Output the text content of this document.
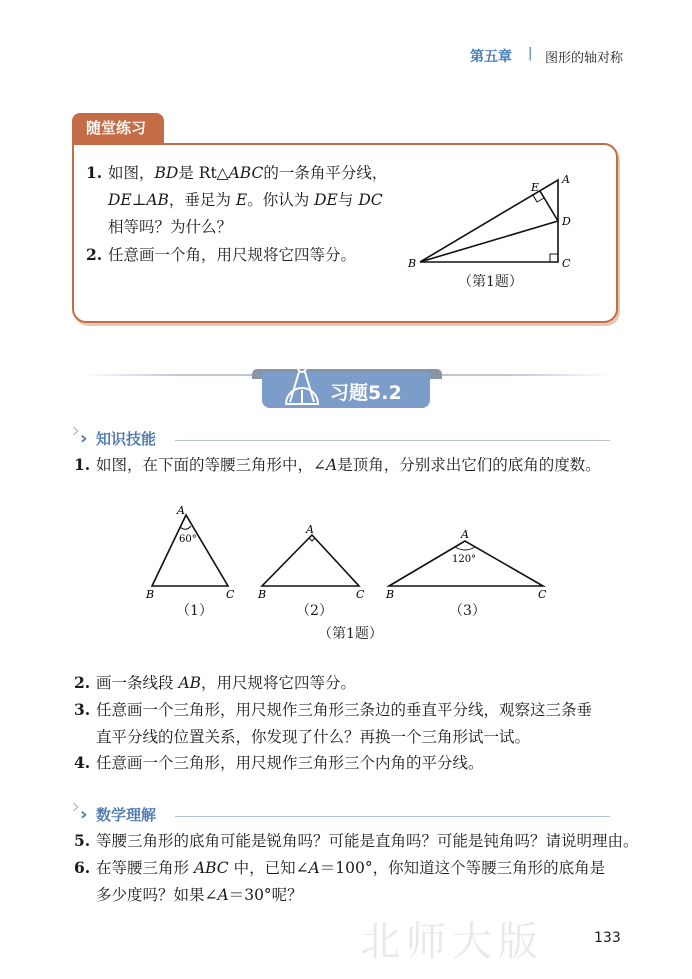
第五章 | 图形的轴对称
随堂练习
1. 如图，BD是 Rt△ABC的一条角平分线，
DE⊥AB，垂足为 E。你认为 DE与 DC
相等吗？为什么？
2. 任意画一个角，用尺规将它四等分。
A
B	C
D
E
（第1题）
习题5.2
› 知识技能
› 数学理解
1. 如图，在下面的等腰三角形中，∠A是顶角，分别求出它们的底角的度数。
2. 画一条线段 AB，用尺规将它四等分。
3. 任意画一个三角形，用尺规作三角形三条边的垂直平分线，观察这三条垂
直平分线的位置关系，你发现了什么？再换一个三角形试一试。
4. 任意画一个三角形，用尺规作三角形三个内角的平分线。
5. 等腰三角形的底角可能是锐角吗？可能是直角吗？可能是钝角吗？请说明理由。
6. 在等腰三角形 ABC 中，已知∠A＝100°，你知道这个等腰三角形的底角是
多少度吗？如果∠A＝30°呢？
A
B	C
60°
A
B	C
A
B	C
120°
（1）	（2）	（3）
（第1题）
北师大版	133
